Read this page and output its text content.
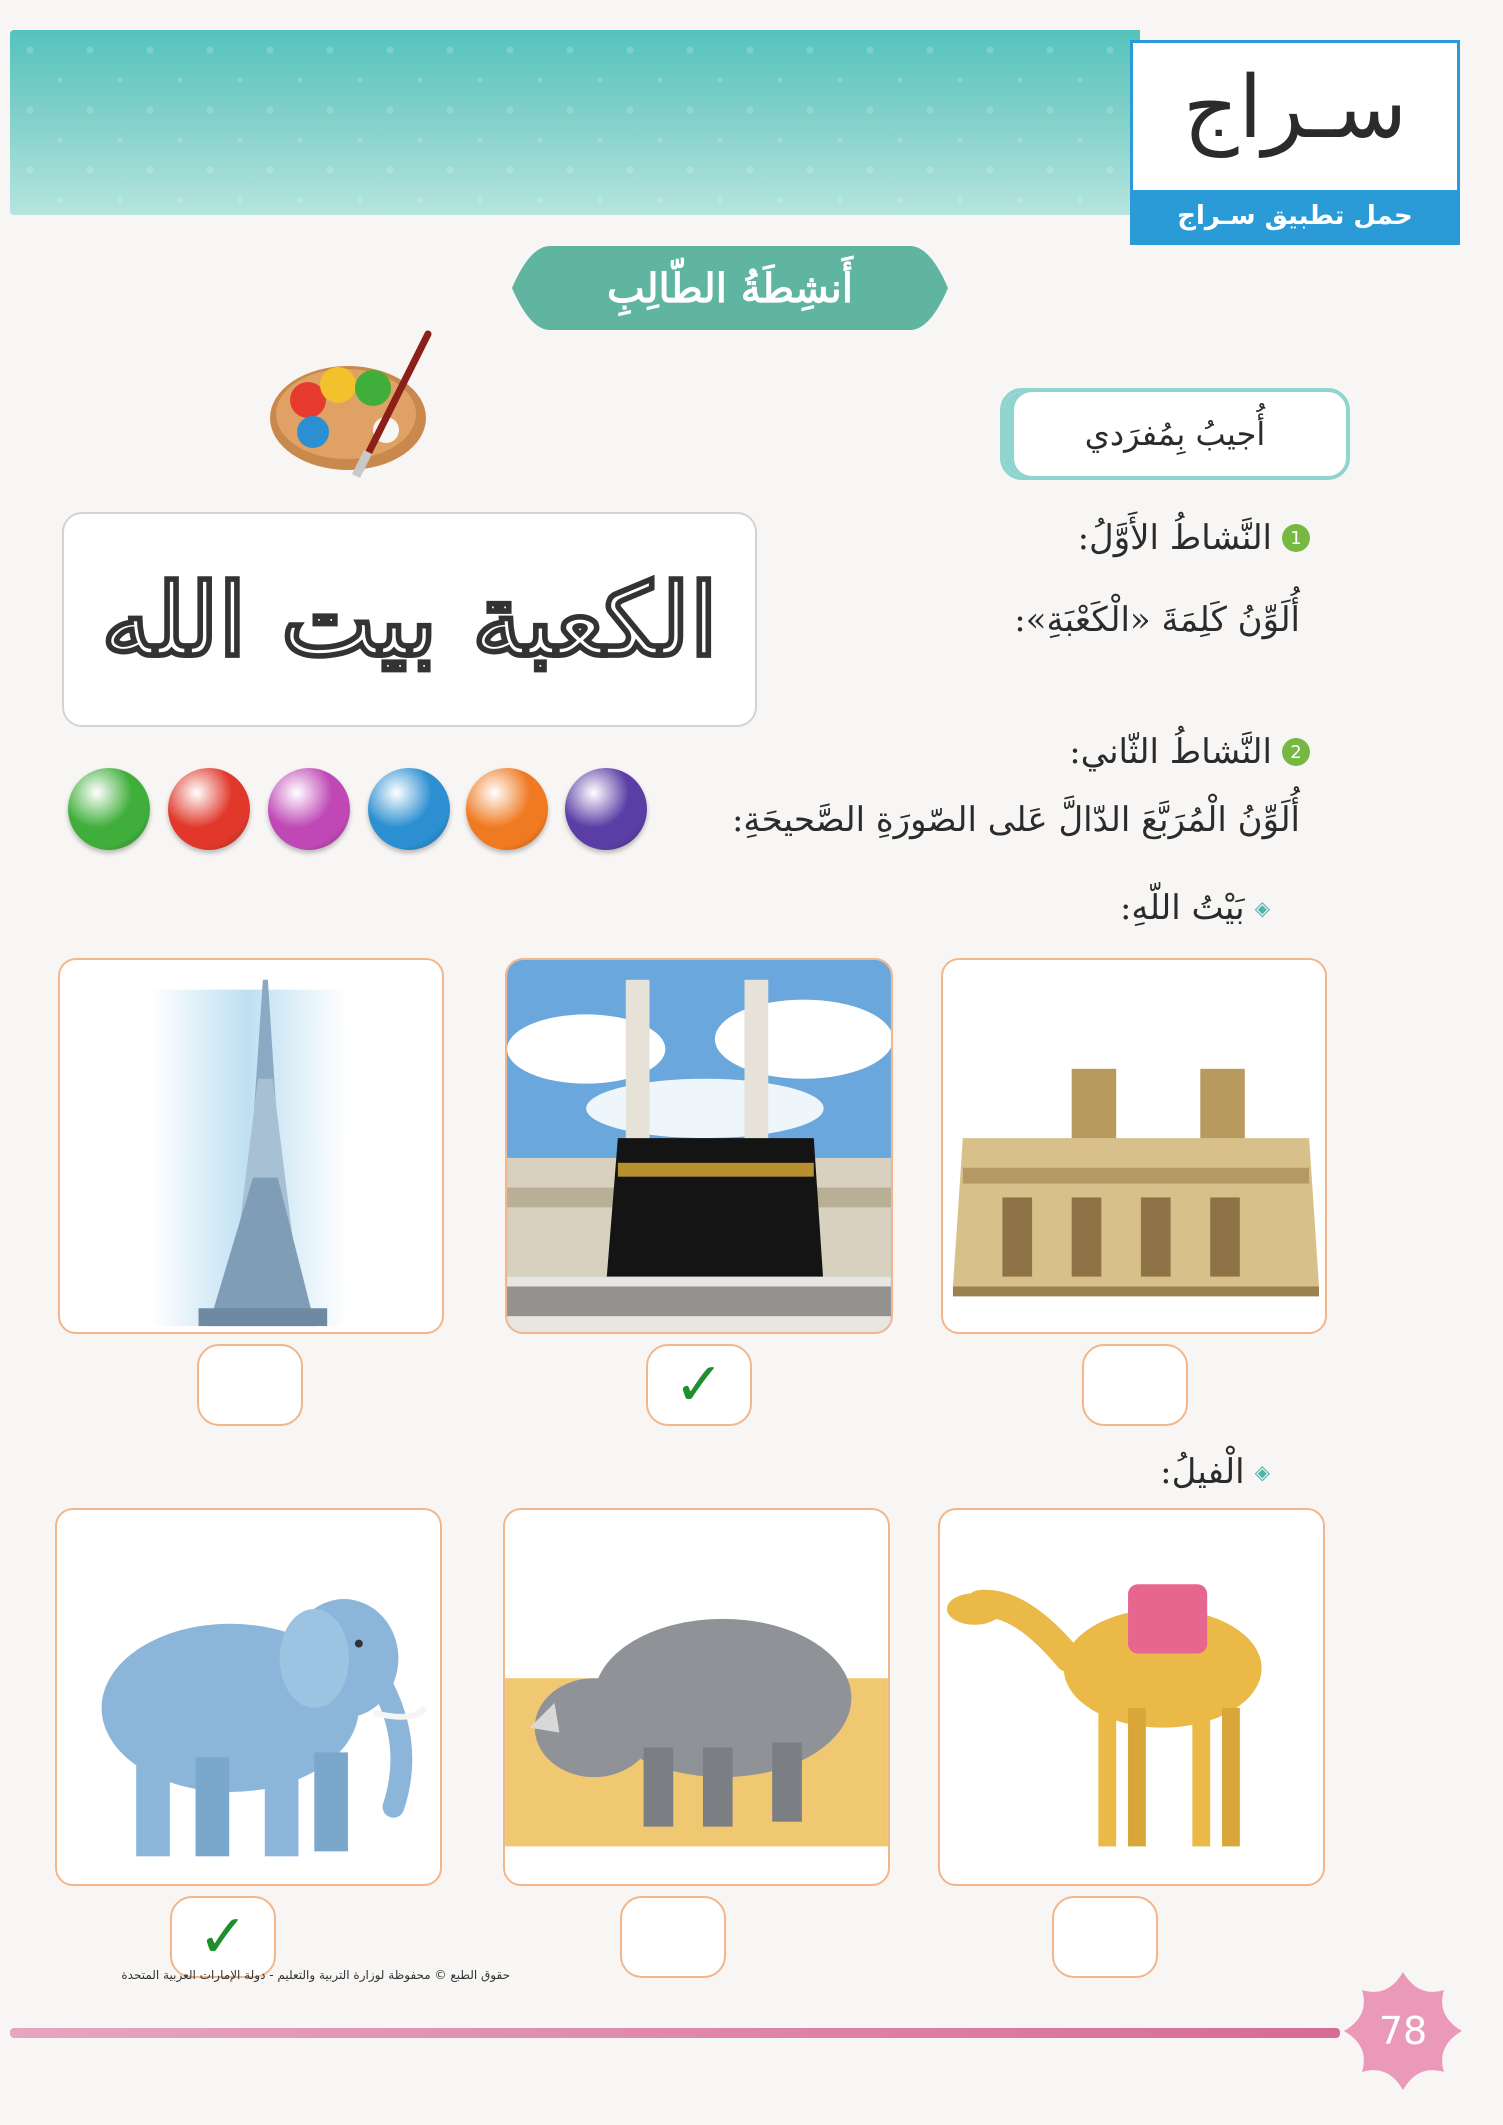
سـراج
حمل تطبيق سـراج
أَنشِطَةُ الطّالِبِ
أُجيبُ بِمُفرَدي
1
النَّشاطُ الأَوَّلُ:
أُلَوِّنُ كَلِمَةَ «الْكَعْبَةِ»:
الكعبة بيت الله
2
النَّشاطُ الثّاني:
أُلَوِّنُ الْمُرَبَّعَ الدّالَّ عَلى الصّورَةِ الصَّحيحَةِ:
◈
بَيْتُ اللّهِ:
✓
◈
الْفيلُ:
✓
حقوق الطبع © محفوظة لوزارة التربية والتعليم - دولة الإمارات العربية المتحدة
78
